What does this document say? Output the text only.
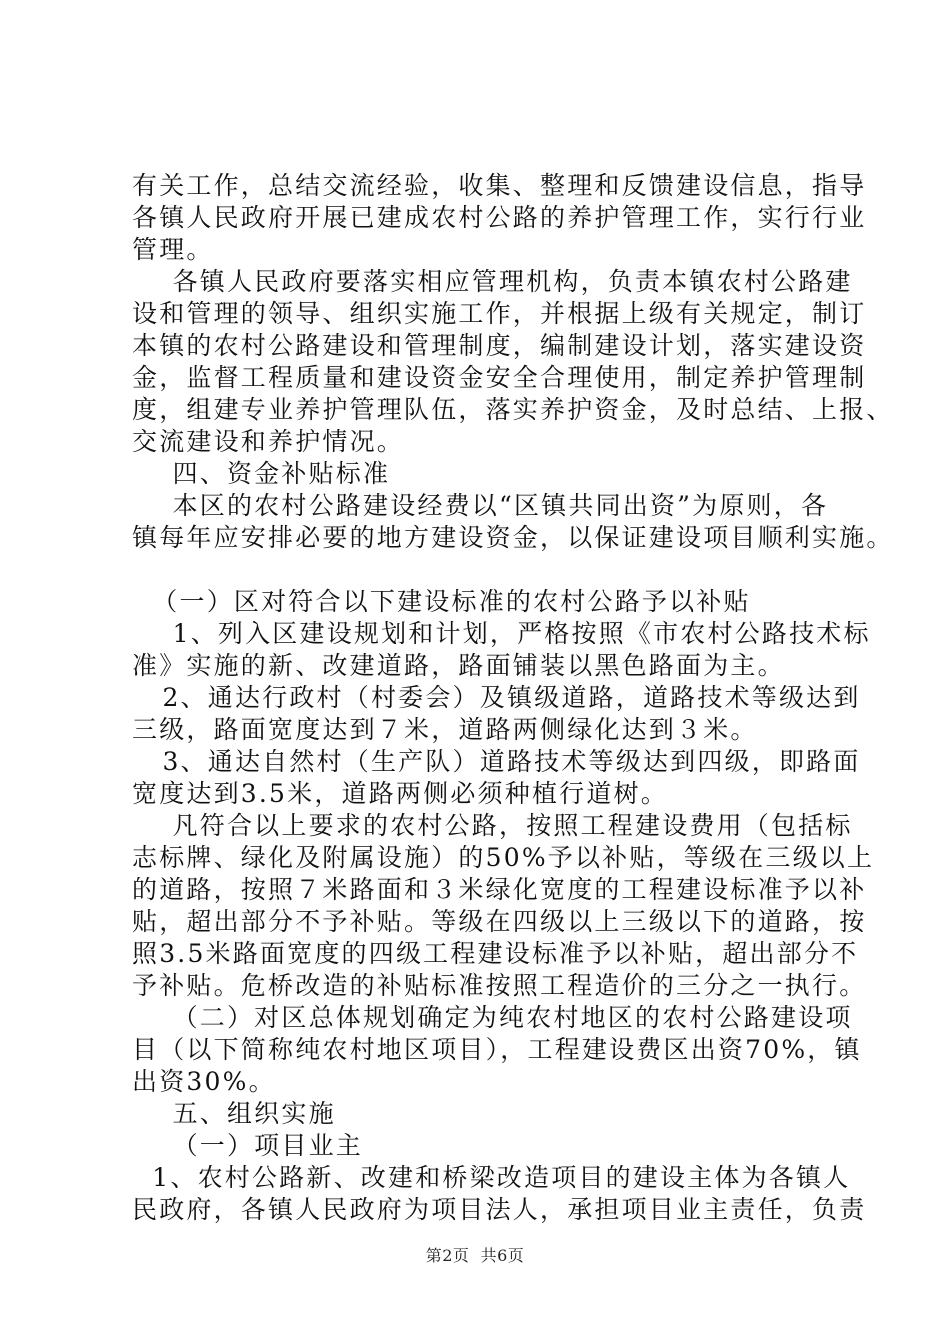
有关工作，总结交流经验，收集、整理和反馈建设信息，指导
各镇人民政府开展已建成农村公路的养护管理工作，实行行业
管理。
各镇人民政府要落实相应管理机构，负责本镇农村公路建
设和管理的领导、组织实施工作，并根据上级有关规定，制订
本镇的农村公路建设和管理制度，编制建设计划，落实建设资
金，监督工程质量和建设资金安全合理使用，制定养护管理制
度，组建专业养护管理队伍，落实养护资金，及时总结、上报、
交流建设和养护情况。
四、资金补贴标准
本区的农村公路建设经费以“区镇共同出资”为原则，各
镇每年应安排必要的地方建设资金，以保证建设项目顺利实施。
（一）区对符合以下建设标准的农村公路予以补贴
1、列入区建设规划和计划，严格按照《市农村公路技术标
准》实施的新、改建道路，路面铺装以黑色路面为主。
2、通达行政村（村委会）及镇级道路，道路技术等级达到
三级，路面宽度达到７米，道路两侧绿化达到３米。
3、通达自然村（生产队）道路技术等级达到四级，即路面
宽度达到3.5米，道路两侧必须种植行道树。
凡符合以上要求的农村公路，按照工程建设费用（包括标
志标牌、绿化及附属设施）的50%予以补贴，等级在三级以上
的道路，按照７米路面和３米绿化宽度的工程建设标准予以补
贴，超出部分不予补贴。等级在四级以上三级以下的道路，按
照3.5米路面宽度的四级工程建设标准予以补贴，超出部分不
予补贴。危桥改造的补贴标准按照工程造价的三分之一执行。
（二）对区总体规划确定为纯农村地区的农村公路建设项
目（以下简称纯农村地区项目），工程建设费区出资70%，镇
出资30%。
五、组织实施
（一）项目业主
1、农村公路新、改建和桥梁改造项目的建设主体为各镇人
民政府，各镇人民政府为项目法人，承担项目业主责任，负责
第2页  共6页
